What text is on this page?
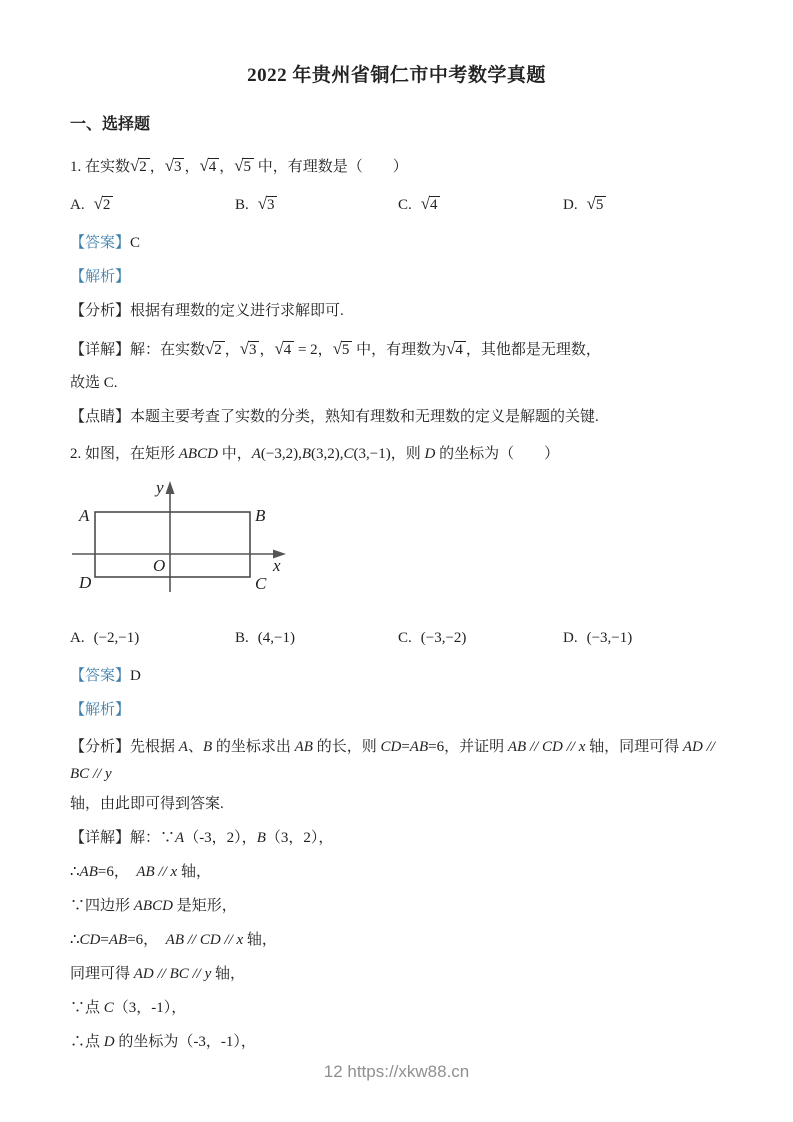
2022 年贵州省铜仁市中考数学真题
一、选择题

1. 在实数√2 ，√3 ，√4 ，√5 中，有理数是（　　）

A. √2	B. √3	C. √4	D. √5

【答案】C

【解析】

【分析】根据有理数的定义进行求解即可.

【详解】解：在实数√2 ，√3 ，√4 = 2，√5 中，有理数为√4 ，其他都是无理数，

故选 C.

【点睛】本题主要考查了实数的分类，熟知有理数和无理数的定义是解题的关键.

2. 如图，在矩形 ABCD 中，A(−3,2),B(3,2),C(3,−1)，则 D 的坐标为（　　）

A	B
D	C
O	x
y
A. (−2,−1)	B. (4,−1)	C. (−3,−2)	D. (−3,−1)

【答案】D

【解析】

【分析】先根据 A、B 的坐标求出 AB 的长，则 CD=AB=6，并证明 AB // CD // x 轴，同理可得 AD // BC // y

轴，由此即可得到答案.

【详解】解：∵A（-3，2），B（3，2），

∴AB=6，　AB // x 轴，

∵四边形 ABCD 是矩形，

∴CD=AB=6，　AB // CD // x 轴，

同理可得 AD // BC // y 轴，

∵点 C（3，-1），

∴点 D 的坐标为（-3，-1），

12 https://xkw88.cn
